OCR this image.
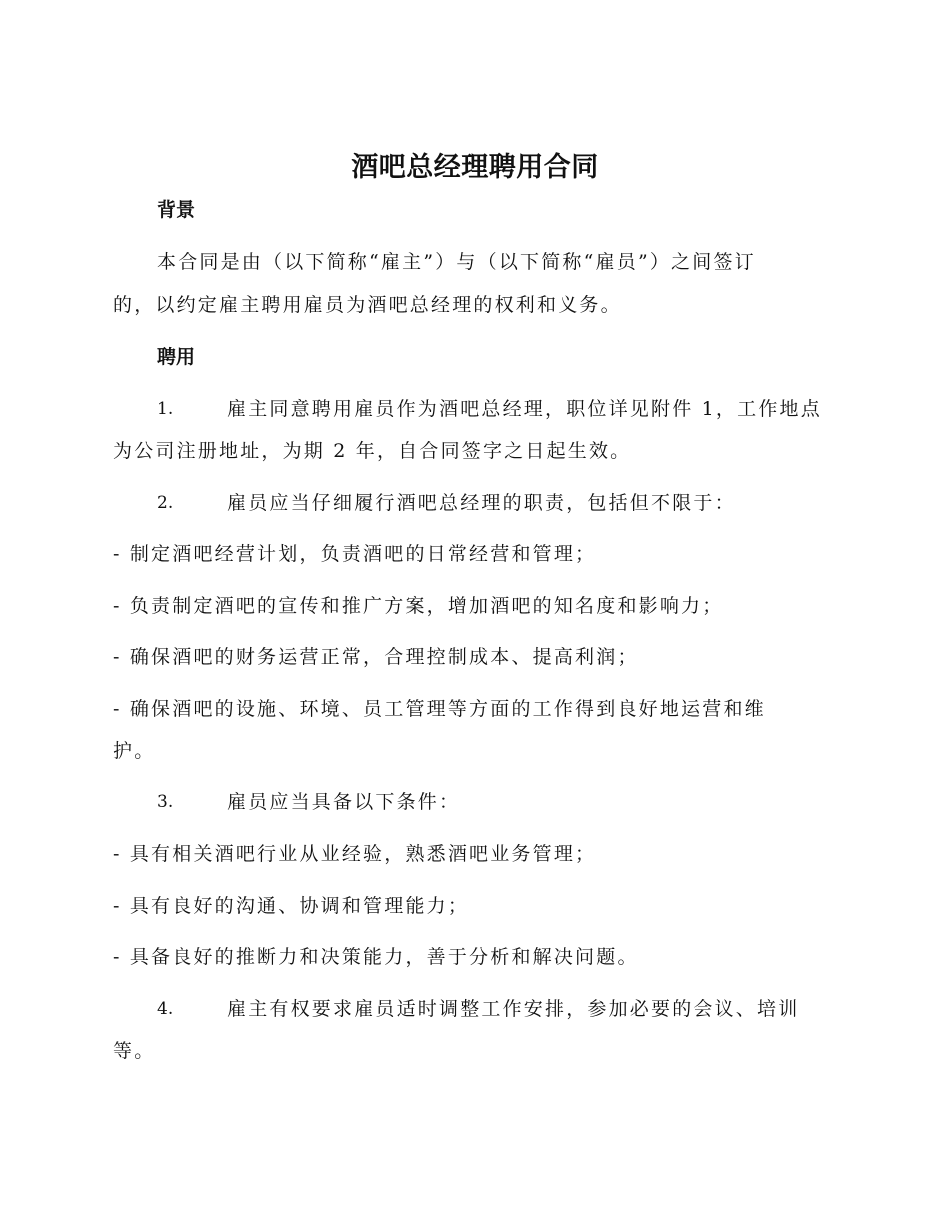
酒吧总经理聘用合同
背景
本合同是由（以下简称“雇主”）与（以下简称“雇员”）之间签订
的，以约定雇主聘用雇员为酒吧总经理的权利和义务。
聘用
1.	雇主同意聘用雇员作为酒吧总经理，职位详见附件 1，工作地点
为公司注册地址，为期 2 年，自合同签字之日起生效。
2.	雇员应当仔细履行酒吧总经理的职责，包括但不限于：
- 制定酒吧经营计划，负责酒吧的日常经营和管理；
- 负责制定酒吧的宣传和推广方案，增加酒吧的知名度和影响力；
- 确保酒吧的财务运营正常，合理控制成本、提高利润；
- 确保酒吧的设施、环境、员工管理等方面的工作得到良好地运营和维
护。
3.	雇员应当具备以下条件：
- 具有相关酒吧行业从业经验，熟悉酒吧业务管理；
- 具有良好的沟通、协调和管理能力；
- 具备良好的推断力和决策能力，善于分析和解决问题。
4.	雇主有权要求雇员适时调整工作安排，参加必要的会议、培训
等。
